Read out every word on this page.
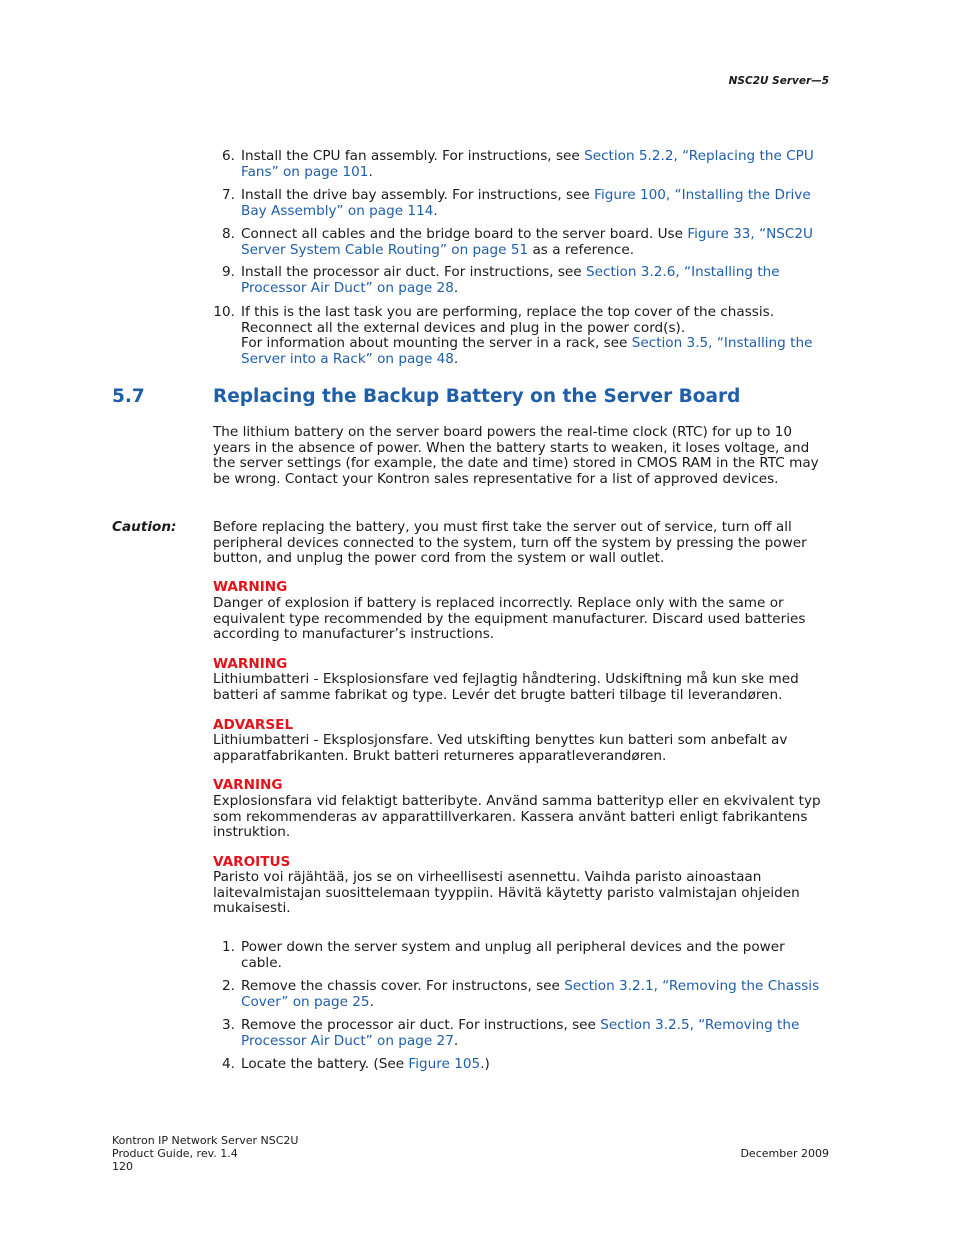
NSC2U Server—5
6. Install the CPU fan assembly. For instructions, see Section 5.2.2, “Replacing the CPU Fans” on page 101.
7. Install the drive bay assembly. For instructions, see Figure 100, “Installing the Drive Bay Assembly” on page 114.
8. Connect all cables and the bridge board to the server board. Use Figure 33, “NSC2U Server System Cable Routing” on page 51 as a reference.
9. Install the processor air duct. For instructions, see Section 3.2.6, “Installing the Processor Air Duct” on page 28.
10. If this is the last task you are performing, replace the top cover of the chassis. Reconnect all the external devices and plug in the power cord(s).
For information about mounting the server in a rack, see Section 3.5, “Installing the Server into a Rack” on page 48.
5.7	Replacing the Backup Battery on the Server Board
The lithium battery on the server board powers the real-time clock (RTC) for up to 10 years in the absence of power. When the battery starts to weaken, it loses voltage, and the server settings (for example, the date and time) stored in CMOS RAM in the RTC may be wrong. Contact your Kontron sales representative for a list of approved devices.
Caution:	Before replacing the battery, you must first take the server out of service, turn off all peripheral devices connected to the system, turn off the system by pressing the power button, and unplug the power cord from the system or wall outlet.
WARNING
Danger of explosion if battery is replaced incorrectly. Replace only with the same or equivalent type recommended by the equipment manufacturer. Discard used batteries according to manufacturer’s instructions.
WARNING
Lithiumbatteri - Eksplosionsfare ved fejlagtig håndtering. Udskiftning må kun ske med batteri af samme fabrikat og type. Levér det brugte batteri tilbage til leverandøren.
ADVARSEL
Lithiumbatteri - Eksplosjonsfare. Ved utskifting benyttes kun batteri som anbefalt av apparatfabrikanten. Brukt batteri returneres apparatleverandøren.
VARNING
Explosionsfara vid felaktigt batteribyte. Använd samma batterityp eller en ekvivalent typ som rekommenderas av apparattillverkaren. Kassera använt batteri enligt fabrikantens instruktion.
VAROITUS
Paristo voi räjähtää, jos se on virheellisesti asennettu. Vaihda paristo ainoastaan laitevalmistajan suosittelemaan tyyppiin. Hävitä käytetty paristo valmistajan ohjeiden mukaisesti.
1. Power down the server system and unplug all peripheral devices and the power cable.
2. Remove the chassis cover. For instructons, see Section 3.2.1, “Removing the Chassis Cover” on page 25.
3. Remove the processor air duct. For instructions, see Section 3.2.5, “Removing the Processor Air Duct” on page 27.
4. Locate the battery. (See Figure 105.)
Kontron IP Network Server NSC2U
Product Guide, rev. 1.4
120
December 2009
